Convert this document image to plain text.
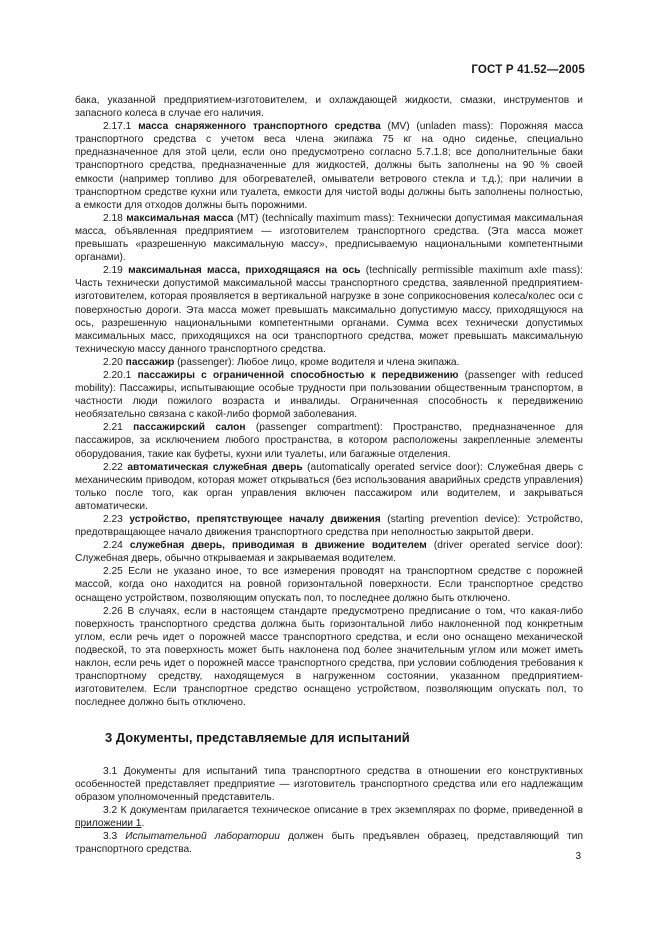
ГОСТ Р 41.52—2005

бака, указанной предприятием-изготовителем, и охлаждающей жидкости, смазки, инструментов и запасного колеса в случае его наличия.

2.17.1 масса снаряженного транспортного средства (MV) (unladen mass): Порожняя масса транспортного средства с учетом веса члена экипажа 75 кг на одно сиденье, специально предназначенное для этой цели, если оно предусмотрено согласно 5.7.1.8; все дополнительные баки транспортного средства, предназначенные для жидкостей, должны быть заполнены на 90 % своей емкости (например топливо для обогревателей, омыватели ветрового стекла и т.д.); при наличии в транспортном средстве кухни или туалета, емкости для чистой воды должны быть заполнены полностью, а емкости для отходов должны быть порожними.

2.18 максимальная масса (MT) (technically maximum mass): Технически допустимая максимальная масса, объявленная предприятием — изготовителем транспортного средства. (Эта масса может превышать «разрешенную максимальную массу», предписываемую национальными компетентными органами).

2.19 максимальная масса, приходящаяся на ось (technically permissible maximum axle mass): Часть технически допустимой максимальной массы транспортного средства, заявленной предприятием-изготовителем, которая проявляется в вертикальной нагрузке в зоне соприкосновения колеса/колес оси с поверхностью дороги. Эта масса может превышать максимально допустимую массу, приходящуюся на ось, разрешенную национальными компетентными органами. Сумма всех технически допустимых максимальных масс, приходящихся на оси транспортного средства, может превышать максимальную техническую массу данного транспортного средства.

2.20 пассажир (passenger): Любое лицо, кроме водителя и члена экипажа.

2.20.1 пассажиры с ограниченной способностью к передвижению (passenger with reduced mobility): Пассажиры, испытывающие особые трудности при пользовании общественным транспортом, в частности люди пожилого возраста и инвалиды. Ограниченная способность к передвижению необязательно связана с какой-либо формой заболевания.

2.21 пассажирский салон (passenger compartment): Пространство, предназначенное для пассажиров, за исключением любого пространства, в котором расположены закрепленные элементы оборудования, такие как буфеты, кухни или туалеты, или багажные отделения.

2.22 автоматическая служебная дверь (automatically operated service door): Служебная дверь с механическим приводом, которая может открываться (без использования аварийных средств управления) только после того, как орган управления включен пассажиром или водителем, и закрываться автоматически.

2.23 устройство, препятствующее началу движения (starting prevention device): Устройство, предотвращающее начало движения транспортного средства при неполностью закрытой двери.

2.24 служебная дверь, приводимая в движение водителем (driver operated service door): Служебная дверь, обычно открываемая и закрываемая водителем.

2.25 Если не указано иное, то все измерения проводят на транспортном средстве с порожней массой, когда оно находится на ровной горизонтальной поверхности. Если транспортное средство оснащено устройством, позволяющим опускать пол, то последнее должно быть отключено.

2.26 В случаях, если в настоящем стандарте предусмотрено предписание о том, что какая-либо поверхность транспортного средства должна быть горизонтальной либо наклоненной под конкретным углом, если речь идет о порожней массе транспортного средства, и если оно оснащено механической подвеской, то эта поверхность может быть наклонена под более значительным углом или может иметь наклон, если речь идет о порожней массе транспортного средства, при условии соблюдения требования к транспортному средству, находящемуся в нагруженном состоянии, указанном предприятием-изготовителем. Если транспортное средство оснащено устройством, позволяющим опускать пол, то последнее должно быть отключено.

3 Документы, представляемые для испытаний

3.1 Документы для испытаний типа транспортного средства в отношении его конструктивных особенностей представляет предприятие — изготовитель транспортного средства или его надлежащим образом уполномоченный представитель.

3.2 К документам прилагается техническое описание в трех экземплярах по форме, приведенной в приложении 1.

3.3 Испытательной лаборатории должен быть предъявлен образец, представляющий тип транспортного средства.

3
